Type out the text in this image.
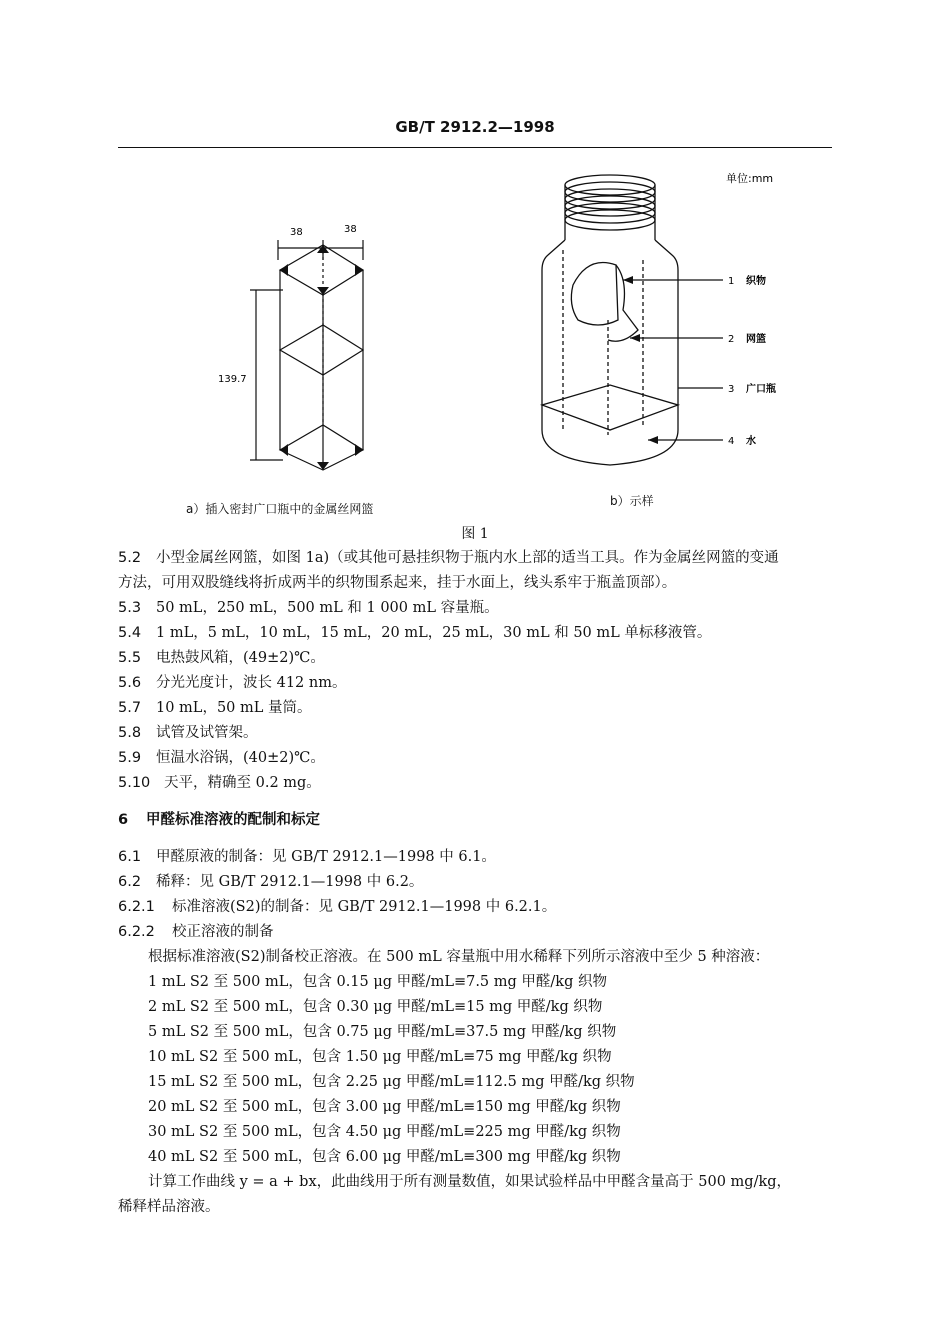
GB/T 2912.2—1998
38	38
139.7
单位:mm
1 织物
2 网篮
3 广口瓶
4 水
a）插入密封广口瓶中的金属丝网篮
b）示样
图 1
5.2 小型金属丝网篮，如图 1a)（或其他可悬挂织物于瓶内水上部的适当工具。作为金属丝网篮的变通
方法，可用双股缝线将折成两半的织物围系起来，挂于水面上，线头系牢于瓶盖顶部）。
5.3 50 mL，250 mL，500 mL 和 1 000 mL 容量瓶。
5.4 1 mL，5 mL，10 mL，15 mL，20 mL，25 mL，30 mL 和 50 mL 单标移液管。
5.5 电热鼓风箱，(49±2)℃。
5.6 分光光度计，波长 412 nm。
5.7 10 mL，50 mL 量筒。
5.8 试管及试管架。
5.9 恒温水浴锅，(40±2)℃。
5.10 天平，精确至 0.2 mg。
6 甲醛标准溶液的配制和标定
6.1 甲醛原液的制备：见 GB/T 2912.1—1998 中 6.1。
6.2 稀释：见 GB/T 2912.1—1998 中 6.2。
6.2.1 标准溶液(S2)的制备：见 GB/T 2912.1—1998 中 6.2.1。
6.2.2 校正溶液的制备
根据标准溶液(S2)制备校正溶液。在 500 mL 容量瓶中用水稀释下列所示溶液中至少 5 种溶液：
1 mL S2 至 500 mL，包含 0.15 μg 甲醛/mL≡7.5 mg 甲醛/kg 织物
2 mL S2 至 500 mL，包含 0.30 μg 甲醛/mL≡15 mg 甲醛/kg 织物
5 mL S2 至 500 mL，包含 0.75 μg 甲醛/mL≡37.5 mg 甲醛/kg 织物
10 mL S2 至 500 mL，包含 1.50 μg 甲醛/mL≡75 mg 甲醛/kg 织物
15 mL S2 至 500 mL，包含 2.25 μg 甲醛/mL≡112.5 mg 甲醛/kg 织物
20 mL S2 至 500 mL，包含 3.00 μg 甲醛/mL≡150 mg 甲醛/kg 织物
30 mL S2 至 500 mL，包含 4.50 μg 甲醛/mL≡225 mg 甲醛/kg 织物
40 mL S2 至 500 mL，包含 6.00 μg 甲醛/mL≡300 mg 甲醛/kg 织物
计算工作曲线 y = a + bx，此曲线用于所有测量数值，如果试验样品中甲醛含量高于 500 mg/kg，
稀释样品溶液。
